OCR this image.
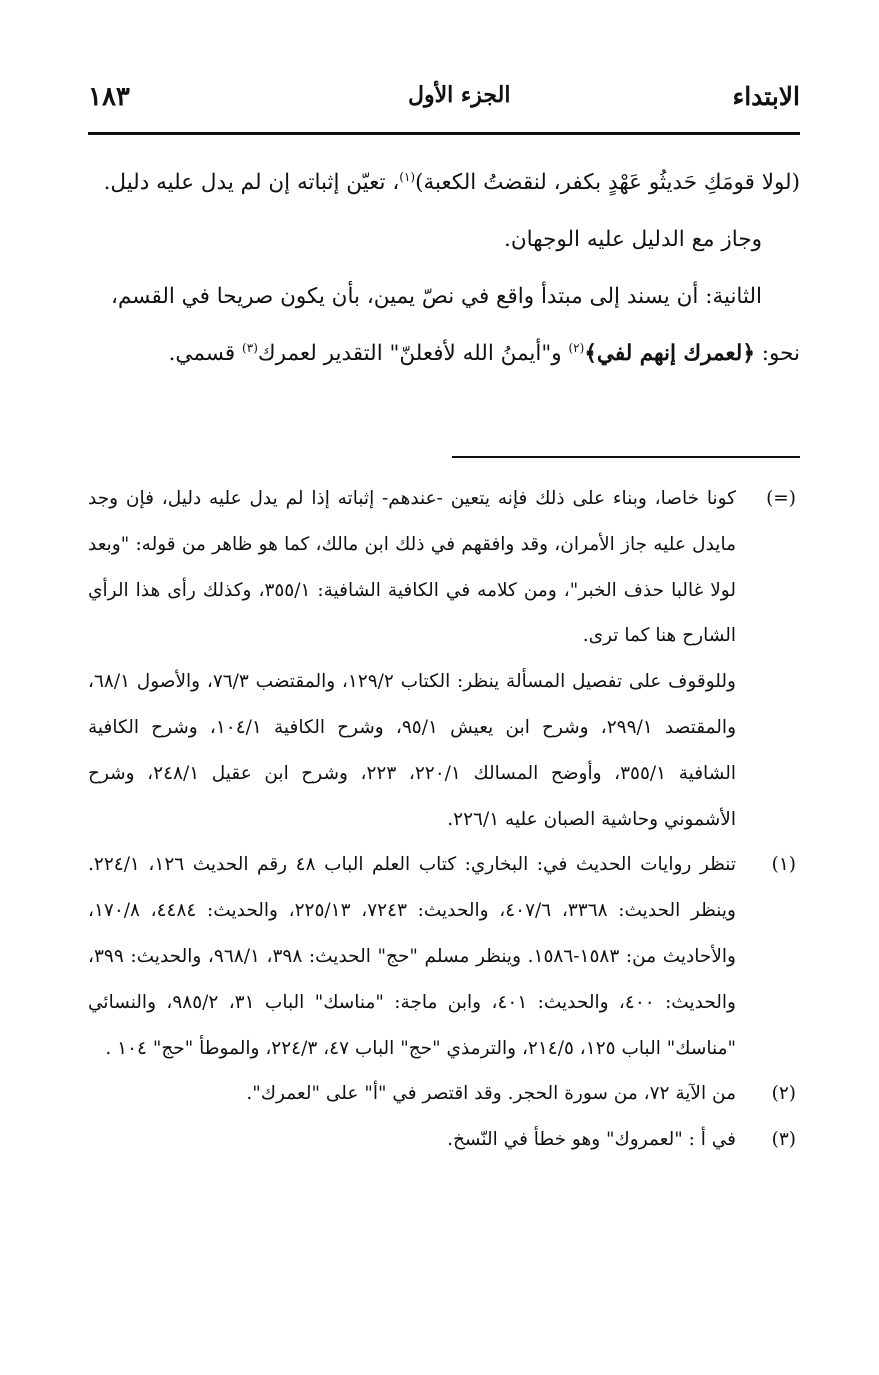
الابتداء
الجزء الأول
١٨٣

(لولا قومَكِ حَديثُو عَهْدٍ بكفر، لنقضتُ الكعبة)$^{(١)}$، تعيّن إثباته إن لم يدل عليه دليل.

وجاز مع الدليل عليه الوجهان.

الثانية: أن يسند إلى مبتدأ واقع في نصّ يمين، بأن يكون صريحا في القسم،

نحو: ﴿لعمرك إنهم لفي﴾$^{(٢)}$ و"أيمنُ الله لأفعلنّ" التقدير لعمرك$^{(٣)}$ قسمي.

(=)

كونا خاصا، وبناء على ذلك فإنه يتعين -عندهم- إثباته إذا لم يدل عليه دليل، فإن وجد مايدل عليه جاز الأمران، وقد وافقهم في ذلك ابن مالك، كما هو ظاهر من قوله: "وبعد لولا غالبا حذف الخبر"، ومن كلامه في الكافية الشافية: ٣٥٥/١، وكذلك رأى هذا الرأي الشارح هنا كما ترى.

وللوقوف على تفصيل المسألة ينظر: الكتاب ١٢٩/٢، والمقتضب ٧٦/٣، والأصول ٦٨/١، والمقتصد ٢٩٩/١، وشرح ابن يعيش ٩٥/١، وشرح الكافية ١٠٤/١، وشرح الكافية الشافية ٣٥٥/١، وأوضح المسالك ٢٢٠/١، ٢٢٣، وشرح ابن عقيل ٢٤٨/١، وشرح الأشموني وحاشية الصبان عليه ٢٢٦/١.

(١)

تنظر روايات الحديث في: البخاري: كتاب العلم الباب ٤٨ رقم الحديث ١٢٦، ٢٢٤/١. وينظر الحديث: ٣٣٦٨، ٤٠٧/٦، والحديث: ٧٢٤٣، ٢٢٥/١٣، والحديث: ٤٤٨٤، ١٧٠/٨، والأحاديث من: ١٥٨٣-١٥٨٦. وينظر مسلم "حج" الحديث: ٣٩٨، ٩٦٨/١، والحديث: ٣٩٩، والحديث: ٤٠٠، والحديث: ٤٠١، وابن ماجة: "مناسك" الباب ٣١، ٩٨٥/٢، والنسائي "مناسك" الباب ١٢٥، ٢١٤/٥، والترمذي "حج" الباب ٤٧، ٢٢٤/٣، والموطأ "حج" ١٠٤ .

(٢)

من الآية ٧٢، من سورة الحجر. وقد اقتصر في "أ" على "لعمرك".

(٣)

في أ : "لعمروك" وهو خطأ في النّسخ.
